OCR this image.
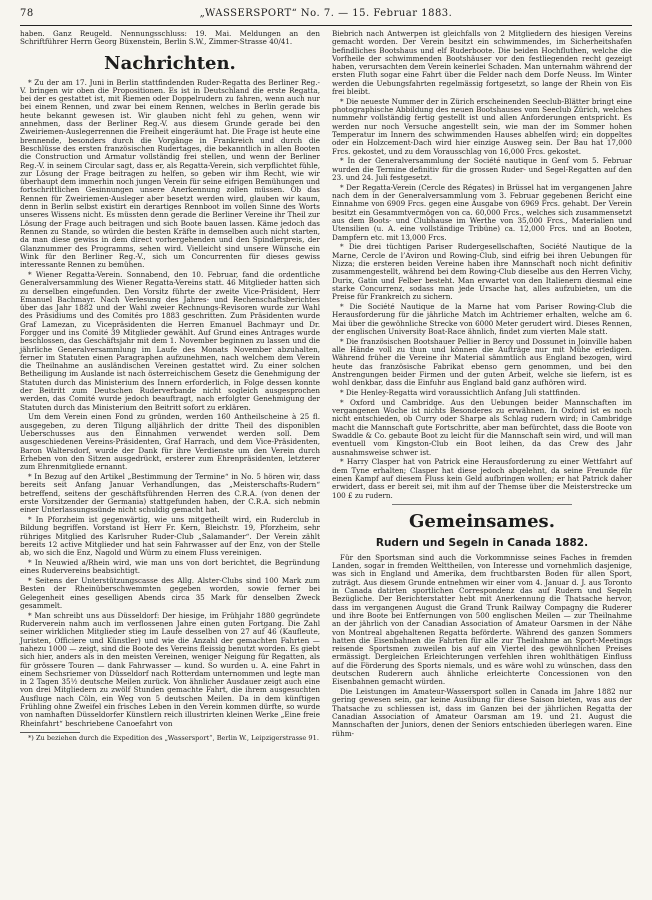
78	„WASSERSPORT“ No. 7. — 15. Februar 1883.

haben. Ganz Reugeld. Nennungsschluss: 19. Mai. Meldungen an den Schriftführer Herrn Georg Büxenstein, Berlin S.W., Zimmer-Strasse 40/41.

Nachrichten.

* Zu der am 17. Juni in Berlin stattfindenden Ruder-Regatta des Berliner Reg.-V. bringen wir oben die Propositionen. Es ist in Deutschland die erste Regatta, bei der es gestattet ist, mit Riemen oder Doppelrudern zu fahren, wenn auch nur bei einem Rennen, und zwar bei einem Rennen, welches in Berlin gerade bis heute bekannt gewesen ist. Wir glauben nicht fehl zu gehen, wenn wir annehmen, dass der Berliner Reg.-V. aus diesem Grunde gerade bei den Zweiriemen-Auslegerrennen die Freiheit eingeräumt hat. Die Frage ist heute eine brennende, besonders durch die Vorgänge in Frankreich und durch die Beschlüsse des ersten französischen Rudertages, die bekanntlich in allen Booten die Construction und Armatur vollständig frei stellen, und wenn der Berliner Reg.-V. in seinem Circular sagt, dass er, als Regatta-Verein, sich verpflichtet fühle, zur Lösung der Frage beitragen zu helfen, so geben wir ihm Recht, wie wir überhaupt dem immerhin noch jungen Verein für seine eifrigen Bemühungen und fortschrittlichen Gesinnungen unsere Anerkennung zollen müssen. Ob das Rennen für Zweiriemen-Ausleger aber besetzt werden wird, glauben wir kaum, denn in Berlin selbst existirt ein derartiges Rennboot im vollen Sinne des Worts unseres Wissens nicht. Es müssten denn gerade die Berliner Vereine ihr Theil zur Lösung der Frage auch beitragen und sich Boote bauen lassen. Käme jedoch das Rennen zu Stande, so würden die besten Kräfte in demselben auch nicht starten, da man diese gewiss in dem direct vorhergehenden und den Spindlerpreis, der Glanznummer des Programms, sehen wird. Vielleicht sind unsere Wünsche ein Wink für den Berliner Reg.-V., sich um Concurrenten für dieses gewiss interessante Rennen zu bemühen.

* Wiener Regatta-Verein. Sonnabend, den 10. Februar, fand die ordentliche Generalversammlung des Wiener Regatta-Vereins statt. 46 Mitglieder hatten sich zu derselben eingefunden. Den Vorsitz führte der zweite Vice-Präsident, Herr Emanuel Bachmayr. Nach Verlesung des Jahres- und Rechenschaftsberichtes über das Jahr 1882 und der Wahl zweier Rechnungs-Revisoren wurde zur Wahl des Präsidiums und des Comités pro 1883 geschritten. Zum Präsidenten wurde Graf Lamezan, zu Vicepräsidenten die Herren Emanuel Bachmayr und Dr. Forgger und ins Comité 39 Mitglieder gewählt. Auf Grund eines Antrages wurde beschlossen, das Geschäftsjahr mit dem 1. November beginnen zu lassen und die jährliche Generalversammlung im Laufe des Monats November abzuhalten, ferner im Statuten einen Paragraphen aufzunehmen, nach welchem dem Verein die Theilnahme an ausländischen Vereinen gestattet wird. Zu einer solchen Betheiligung im Auslande ist nach österreichischem Gesetz die Genehmigung der Statuten durch das Ministerium des Innern erforderlich, in Folge dessen konnte der Beitritt zum Deutschen Ruderverbande nicht sogleich ausgesprochen werden, das Comité wurde jedoch beauftragt, nach erfolgter Genehmigung der Statuten durch das Ministerium den Beitritt sofort zu erklären.

Um dem Verein einen Fond zu gründen, werden 160 Antheilscheine à 25 fl. ausgegeben, zu deren Tilgung alljährlich der dritte Theil des disponiblen Ueberschusses aus den Einnahmen verwendet werden soll. Dem ausgeschiedenen Vereins-Präsidenten, Graf Harrach, und dem Vice-Präsidenten, Baron Waltersdorf, wurde der Dank für ihre Verdienste um den Verein durch Erheben von den Sitzen ausgedrückt, ersterer zum Ehrenpräsidenten, letzterer zum Ehrenmitgliede ernannt.

* In Bezug auf den Artikel „Bestimmung der Termine“ in No. 5 hören wir, dass bereits seit Anfang Januar Verhandlungen, das „Meisterschafts-Rudern“ betreffend, seitens der geschäftsführenden Herren des C.R.A. (von denen der erste Vorsitzender der Germania) stattgefunden haben, der C.R.A. sich nebmin einer Unterlassungssünde nicht schuldig gemacht hat.

* In Pforzheim ist gegenwärtig, wie uns mitgetheilt wird, ein Ruderclub in Bildung begriffen. Vorstand ist Herr Fr. Kern, Bleichstr. 19, Pforzheim, sehr rühriges Mitglied des Karlsruher Ruder-Club „Salamander“. Der Verein zählt bereits 12 active Mitglieder und hat sein Fahrwasser auf der Enz, von der Stelle ab, wo sich die Enz, Nagold und Würm zu einem Fluss vereinigen.

* In Neuwied a/Rhein wird, wie man uns von dort berichtet, die Begründung eines Rudervereins beabsichtigt.

* Seitens der Unterstützungscasse des Allg. Alster-Clubs sind 100 Mark zum Besten der Rheinüberschwemmten gegeben worden, sowie ferner bei Gelegenheit eines geselligen Abends circa 35 Mark für denselben Zweck gesammelt.

* Man schreibt uns aus Düsseldorf: Der hiesige, im Frühjahr 1880 gegründete Ruderverein nahm auch im verflossenen Jahre einen guten Fortgang. Die Zahl seiner wirklichen Mitglieder stieg im Laufe desselben von 27 auf 46 (Kaufleute, Juristen, Officiere und Künstler) und wie die Anzahl der gemachten Fahrten — nahezu 1000 — zeigt, sind die Boote des Vereins fleissig benutzt worden. Es giebt sich hier, anders als in den meisten Vereinen, weniger Neigung für Regatten, als für grössere Touren — dank Fahrwasser — kund. So wurden u. A. eine Fahrt in einem Sechsriemer von Düsseldorf nach Rotterdam unternommen und legte man in 2 Tagen 35½ deutsche Meilen zurück. Von ähnlicher Ausdauer zeigt auch eine von drei Mitgliedern zu zwölf Stunden gemachte Fahrt, die ihrem ausgesuchten Ausfluge nach Cöln, ein Weg von 5 deutschen Meilen. Da in dem künftigen Frühling ohne Zweifel ein frisches Leben in den Verein kommen dürfte, so wurde von namhaften Düsseldorfer Künstlern reich illustrirten kleinen Werke „Eine freie Rheinfahrt“ beschriebene Canoefahrt von

*) Zu beziehen durch die Expedition des „Wassersport“, Berlin W., Leipzigerstrasse 91.

Biebrich nach Antwerpen ist gleichfalls von 2 Mitgliedern des hiesigen Vereins gemacht worden. Der Verein besitzt ein schwimmendes, im Sicherheitshafen befindliches Bootshaus und elf Ruderboote. Die beiden Hochfluthen, welche die Vorfheile der schwimmenden Bootshäuser vor den festliegenden recht gezeigt haben, verursachten dem Verein keinerlei Schaden. Man unternahm während der ersten Fluth sogar eine Fahrt über die Felder nach dem Dorfe Neuss. Im Winter werden die Uebungsfahrten regelmässig fortgesetzt, so lange der Rhein von Eis frei bleibt.

* Die neueste Nummer der in Zürich erscheinenden Seeclub-Blätter bringt eine photographische Abbildung des neuen Bootshauses vom Seeclub Zürich, welches nummehr vollständig fertig gestellt ist und allen Anforderungen entspricht. Es werden nur noch Versuche angestellt sein, wie man der im Sommer hohen Temperatur im Innern des schwimmenden Hauses abhelfen wird; ein doppeltes oder ein Holzcement-Dach wird hier einzige Ausweg sein. Der Bau hat 17,000 Frcs. gekostet, und zu dem Vorausschlag von 16,000 Frcs. gekostet.

* In der Generalversammlung der Société nautique in Genf vom 5. Februar wurden die Termine definitiv für die grossen Ruder- und Segel-Regatten auf den 23. und 24. Juli festgesetzt.

* Der Regatta-Verein (Cercle des Régates) in Brüssel hat im vergangenen Jahre nach dem in der Generalversammlung vom 3. Februar gegebenen Bericht eine Einnahme von 6909 Frcs. gegen eine Ausgabe von 6969 Frcs. gehabt. Der Verein besitzt ein Gesammtvermögen von ca. 60,000 Frcs., welches sich zusammensetzt aus dem Boots- und Clubhause im Werthe von 35,000 Frcs., Materialien und Utensilien (u. A. eine vollständige Tribüne) ca. 12,000 Frcs. und an Booten, Dampfern etc. mit 13,000 Frcs.

* Die drei tüchtigen Pariser Rudergesellschaften, Société Nautique de la Marne, Cercle de l’Aviron und Rowing-Club, sind eifrig bei ihren Uebungen für Nizza; die ersteren beiden Vereine haben ihre Mannschaft noch nicht definitiv zusammengestellt, während bei dem Rowing-Club dieselbe aus den Herren Vichy, Durix, Gatin und Felber besteht. Man erwartet von den Italienern diesmal eine starke Concurrenz, sodass man jede Ursache hat, alles aufzubieten, um die Preise für Frankreich zu sichern.

* Die Société Nautique de la Marne hat vom Pariser Rowing-Club die Herausforderung für die jährliche Match im Achtriemer erhalten, welche am 6. Mai über die gewöhnliche Strecke von 6000 Meter gerudert wird. Dieses Rennen, der englischen University Boat-Race ähnlich, findet zum vierten Male statt.

* Die französischen Bootshauer Pellier in Bercy und Dossunet in Joinville haben alle Hände voll zu thun und können die Aufträge nur mit Mühe erledigen. Während früher die Vereine ihr Material sämmtlich aus England bezogen, wird heute das französische Fabrikat ebenso gern genommen, und bei den Anstrengungen beider Firmen und der guten Arbeit, welche sie liefern, ist es wohl denkbar, dass die Einfuhr aus England bald ganz aufhören wird.

* Die Henley-Regatta wird voraussichtlich Anfang Juli stattfinden.

* Oxford und Cambridge. Aus den Uebungen beider Mannschaften im vergangenen Woche ist nichts Besonderes zu erwähnen. In Oxford ist es noch nicht entschieden, ob Curry oder Sharpe als Schlag rudern wird; in Cambridge macht die Mannschaft gute Fortschritte, aber man befürchtet, dass die Boote von Swaddle & Co. gebaute Boot zu leicht für die Mannschaft sein wird, und will man eventuell vom Kingston-Club ein Boot leihen, da das Crew des Jahr ausnahmsweise schwer ist.

* Harry Clasper hat von Patrick eine Herausforderung zu einer Wettfahrt auf dem Tyne erhalten; Clasper hat diese jedoch abgelehnt, da seine Freunde für einen Kampf auf diesem Fluss kein Geld aufbringen wollen; er hat Patrick daher erwidert, dass er bereit sei, mit ihm auf der Themse über die Meisterstrecke um 100 £ zu rudern.

Gemeinsames.
Rudern und Segeln in Canada 1882.

Für den Sportsman sind auch die Vorkommnisse seines Faches in fremden Landen, sogar in fremden Welttheilen, von Interesse und vornehmlich dasjenige, was sich in England und Amerika, dem fruchtbarsten Boden für allen Sport, zuträgt. Aus diesem Grunde entnehmen wir einer vom 4. Januar d. J. aus Toronto in Canada datirten sportlichen Correspondenz das auf Rudern und Segeln Bezügliche. Der Berichterstatter hebt mit Anerkennung die Thatsache hervor, dass im vergangenen August die Grand Trunk Railway Compagny die Ruderer und ihre Boote bei Entfernungen von 500 englischen Meilen — zur Theilnahme an der jährlich von der Canadian Association of Amateur Oarsmen in der Nähe von Montreal abgehaltenen Regatta beförderte. Während des ganzen Sommers hatten die Eisenbahnen die Fahrten für alle zur Theilnahme an Sport-Meetings reisende Sportsmen zuweilen bis auf ein Viertel des gewöhnlichen Preises ermässigt. Dergleichen Erleichterungen verfehlen ihren wohlthätigen Einfluss auf die Förderung des Sports niemals, und es wäre wohl zu wünschen, dass den deutschen Ruderern auch ähnliche erleichterte Concessionen von den Eisenbahnen gemacht würden.

Die Leistungen im Amateur-Wassersport sollen in Canada im Jahre 1882 nur gering gewesen sein, gar keine Ausübung für diese Saison bieten, was aus der Thatsache zu schliessen ist, dass im Ganzen bei der jährlichen Regatta der Canadian Association of Amateur Oarsman am 19. und 21. August die Mannschaften der Juniors, denen der Seniors entschieden überlegen waren. Eine rühm-
